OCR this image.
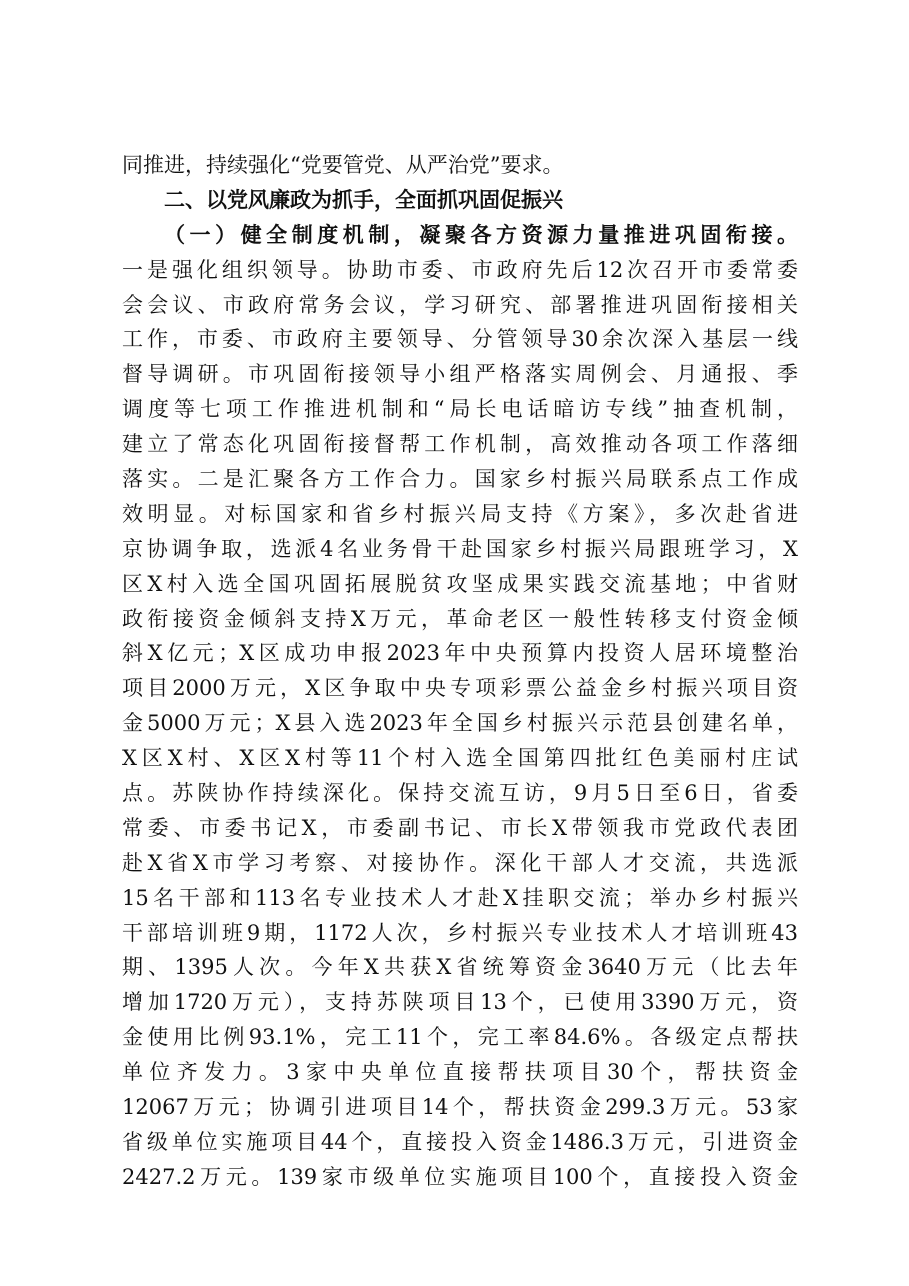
同推进，持续强化“党要管党、从严治党”要求。
二、以党风廉政为抓手，全面抓巩固促振兴
（一）健全制度机制，凝聚各方资源力量推进巩固衔接。
一是强化组织领导。协助市委、市政府先后12次召开市委常委
会会议、市政府常务会议，学习研究、部署推进巩固衔接相关
工作，市委、市政府主要领导、分管领导30余次深入基层一线
督导调研。市巩固衔接领导小组严格落实周例会、月通报、季
调度等七项工作推进机制和“局长电话暗访专线”抽查机制，
建立了常态化巩固衔接督帮工作机制，高效推动各项工作落细
落实。二是汇聚各方工作合力。国家乡村振兴局联系点工作成
效明显。对标国家和省乡村振兴局支持《方案》，多次赴省进
京协调争取，选派4名业务骨干赴国家乡村振兴局跟班学习，X
区X村入选全国巩固拓展脱贫攻坚成果实践交流基地；中省财
政衔接资金倾斜支持X万元，革命老区一般性转移支付资金倾
斜X亿元；X区成功申报2023年中央预算内投资人居环境整治
项目2000万元，X区争取中央专项彩票公益金乡村振兴项目资
金5000万元；X县入选2023年全国乡村振兴示范县创建名单，
X区X村、X区X村等11个村入选全国第四批红色美丽村庄试
点。苏陕协作持续深化。保持交流互访，9月5日至6日，省委
常委、市委书记X，市委副书记、市长X带领我市党政代表团
赴X省X市学习考察、对接协作。深化干部人才交流，共选派
15名干部和113名专业技术人才赴X挂职交流；举办乡村振兴
干部培训班9期，1172人次，乡村振兴专业技术人才培训班43
期、1395人次。今年X共获X省统筹资金3640万元（比去年
增加1720万元），支持苏陕项目13个，已使用3390万元，资
金使用比例93.1%，完工11个，完工率84.6%。各级定点帮扶
单位齐发力。3家中央单位直接帮扶项目30个，帮扶资金
12067万元；协调引进项目14个，帮扶资金299.3万元。53家
省级单位实施项目44个，直接投入资金1486.3万元，引进资金
2427.2万元。139家市级单位实施项目100个，直接投入资金
